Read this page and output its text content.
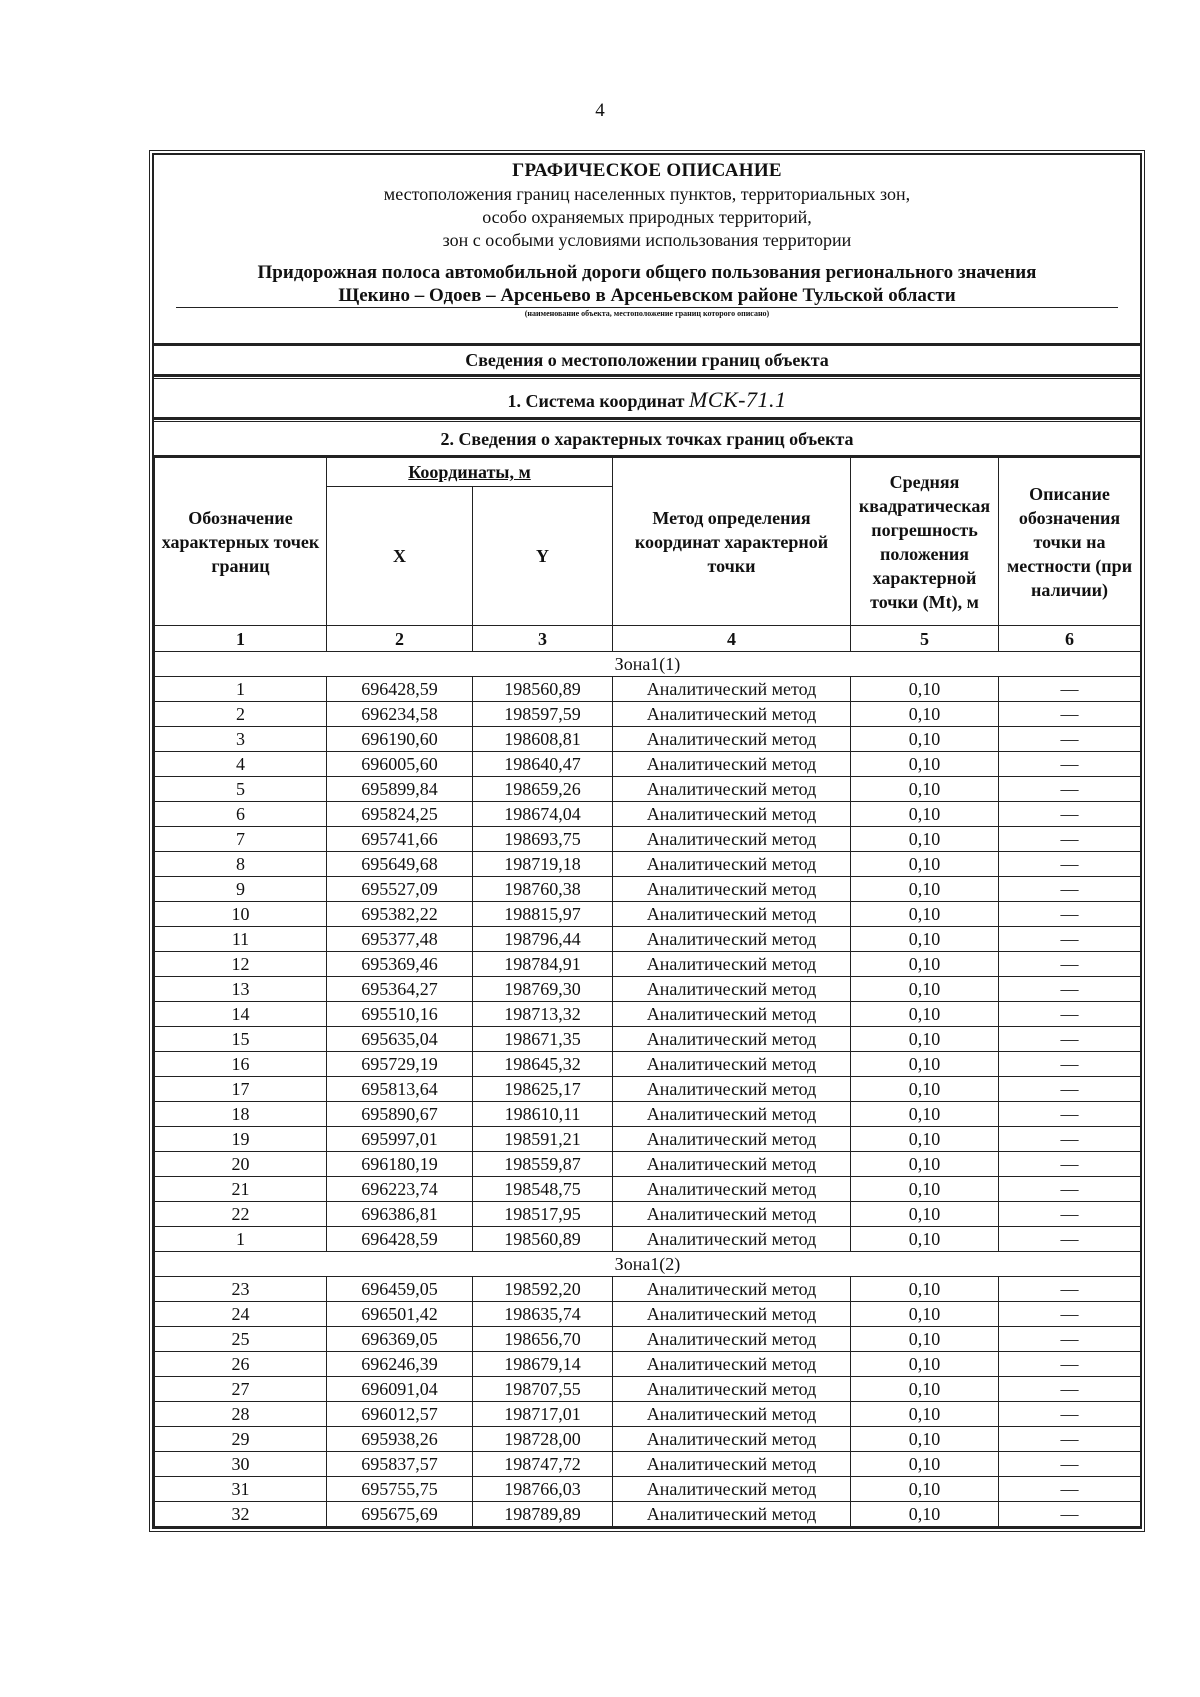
4
ГРАФИЧЕСКОЕ ОПИСАНИЕ
местоположения границ населенных пунктов, территориальных зон,
особо охраняемых природных территорий,
зон с особыми условиями использования территории
Придорожная полоса автомобильной дороги общего пользования регионального значения
Щекино – Одоев – Арсеньево в Арсеньевском районе Тульской области
(наименование объекта, местоположение границ которого описано)
Сведения о местоположении границ объекта
1. Система координат МСК-71.1
2. Сведения о характерных точках границ объекта
Обозначение характерных точек границ	Координаты, м		Метод определения координат характерной точки	Средняя квадратическая погрешность положения характерной точки (Mt), м	Описание обозначения точки на местности (при наличии)
	X	Y			
1	2	3	4	5	6
Зона1(1)					
1	696428,59	198560,89	Аналитический метод	0,10	—
2	696234,58	198597,59	Аналитический метод	0,10	—
3	696190,60	198608,81	Аналитический метод	0,10	—
4	696005,60	198640,47	Аналитический метод	0,10	—
5	695899,84	198659,26	Аналитический метод	0,10	—
6	695824,25	198674,04	Аналитический метод	0,10	—
7	695741,66	198693,75	Аналитический метод	0,10	—
8	695649,68	198719,18	Аналитический метод	0,10	—
9	695527,09	198760,38	Аналитический метод	0,10	—
10	695382,22	198815,97	Аналитический метод	0,10	—
11	695377,48	198796,44	Аналитический метод	0,10	—
12	695369,46	198784,91	Аналитический метод	0,10	—
13	695364,27	198769,30	Аналитический метод	0,10	—
14	695510,16	198713,32	Аналитический метод	0,10	—
15	695635,04	198671,35	Аналитический метод	0,10	—
16	695729,19	198645,32	Аналитический метод	0,10	—
17	695813,64	198625,17	Аналитический метод	0,10	—
18	695890,67	198610,11	Аналитический метод	0,10	—
19	695997,01	198591,21	Аналитический метод	0,10	—
20	696180,19	198559,87	Аналитический метод	0,10	—
21	696223,74	198548,75	Аналитический метод	0,10	—
22	696386,81	198517,95	Аналитический метод	0,10	—
1	696428,59	198560,89	Аналитический метод	0,10	—
Зона1(2)					
23	696459,05	198592,20	Аналитический метод	0,10	—
24	696501,42	198635,74	Аналитический метод	0,10	—
25	696369,05	198656,70	Аналитический метод	0,10	—
26	696246,39	198679,14	Аналитический метод	0,10	—
27	696091,04	198707,55	Аналитический метод	0,10	—
28	696012,57	198717,01	Аналитический метод	0,10	—
29	695938,26	198728,00	Аналитический метод	0,10	—
30	695837,57	198747,72	Аналитический метод	0,10	—
31	695755,75	198766,03	Аналитический метод	0,10	—
32	695675,69	198789,89	Аналитический метод	0,10	—
